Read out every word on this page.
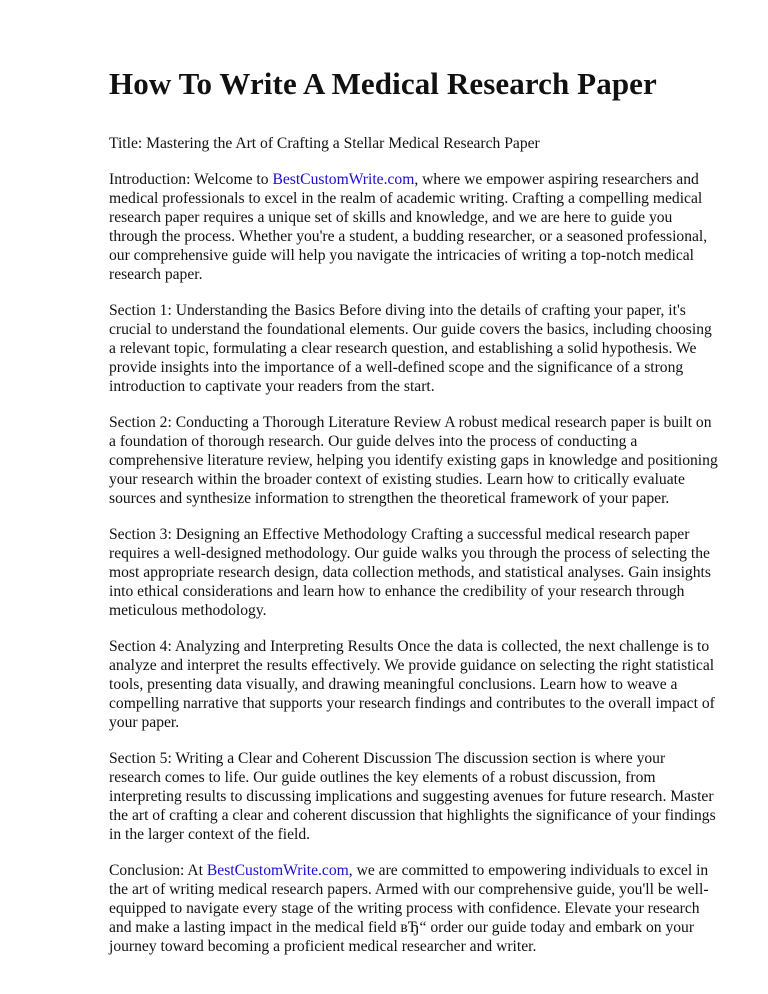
How To Write A Medical Research Paper

Title: Mastering the Art of Crafting a Stellar Medical Research Paper

Introduction: Welcome to BestCustomWrite.com, where we empower aspiring researchers and medical professionals to excel in the realm of academic writing. Crafting a compelling medical research paper requires a unique set of skills and knowledge, and we are here to guide you through the process. Whether you're a student, a budding researcher, or a seasoned professional, our comprehensive guide will help you navigate the intricacies of writing a top-notch medical research paper.

Section 1: Understanding the Basics Before diving into the details of crafting your paper, it's crucial to understand the foundational elements. Our guide covers the basics, including choosing a relevant topic, formulating a clear research question, and establishing a solid hypothesis. We provide insights into the importance of a well-defined scope and the significance of a strong introduction to captivate your readers from the start.

Section 2: Conducting a Thorough Literature Review A robust medical research paper is built on a foundation of thorough research. Our guide delves into the process of conducting a comprehensive literature review, helping you identify existing gaps in knowledge and positioning your research within the broader context of existing studies. Learn how to critically evaluate sources and synthesize information to strengthen the theoretical framework of your paper.

Section 3: Designing an Effective Methodology Crafting a successful medical research paper requires a well-designed methodology. Our guide walks you through the process of selecting the most appropriate research design, data collection methods, and statistical analyses. Gain insights into ethical considerations and learn how to enhance the credibility of your research through meticulous methodology.

Section 4: Analyzing and Interpreting Results Once the data is collected, the next challenge is to analyze and interpret the results effectively. We provide guidance on selecting the right statistical tools, presenting data visually, and drawing meaningful conclusions. Learn how to weave a compelling narrative that supports your research findings and contributes to the overall impact of your paper.

Section 5: Writing a Clear and Coherent Discussion The discussion section is where your research comes to life. Our guide outlines the key elements of a robust discussion, from interpreting results to discussing implications and suggesting avenues for future research. Master the art of crafting a clear and coherent discussion that highlights the significance of your findings in the larger context of the field.

Conclusion: At BestCustomWrite.com, we are committed to empowering individuals to excel in the art of writing medical research papers. Armed with our comprehensive guide, you'll be well-equipped to navigate every stage of the writing process with confidence. Elevate your research and make a lasting impact in the medical field вЂ“ order our guide today and embark on your journey toward becoming a proficient medical researcher and writer.
